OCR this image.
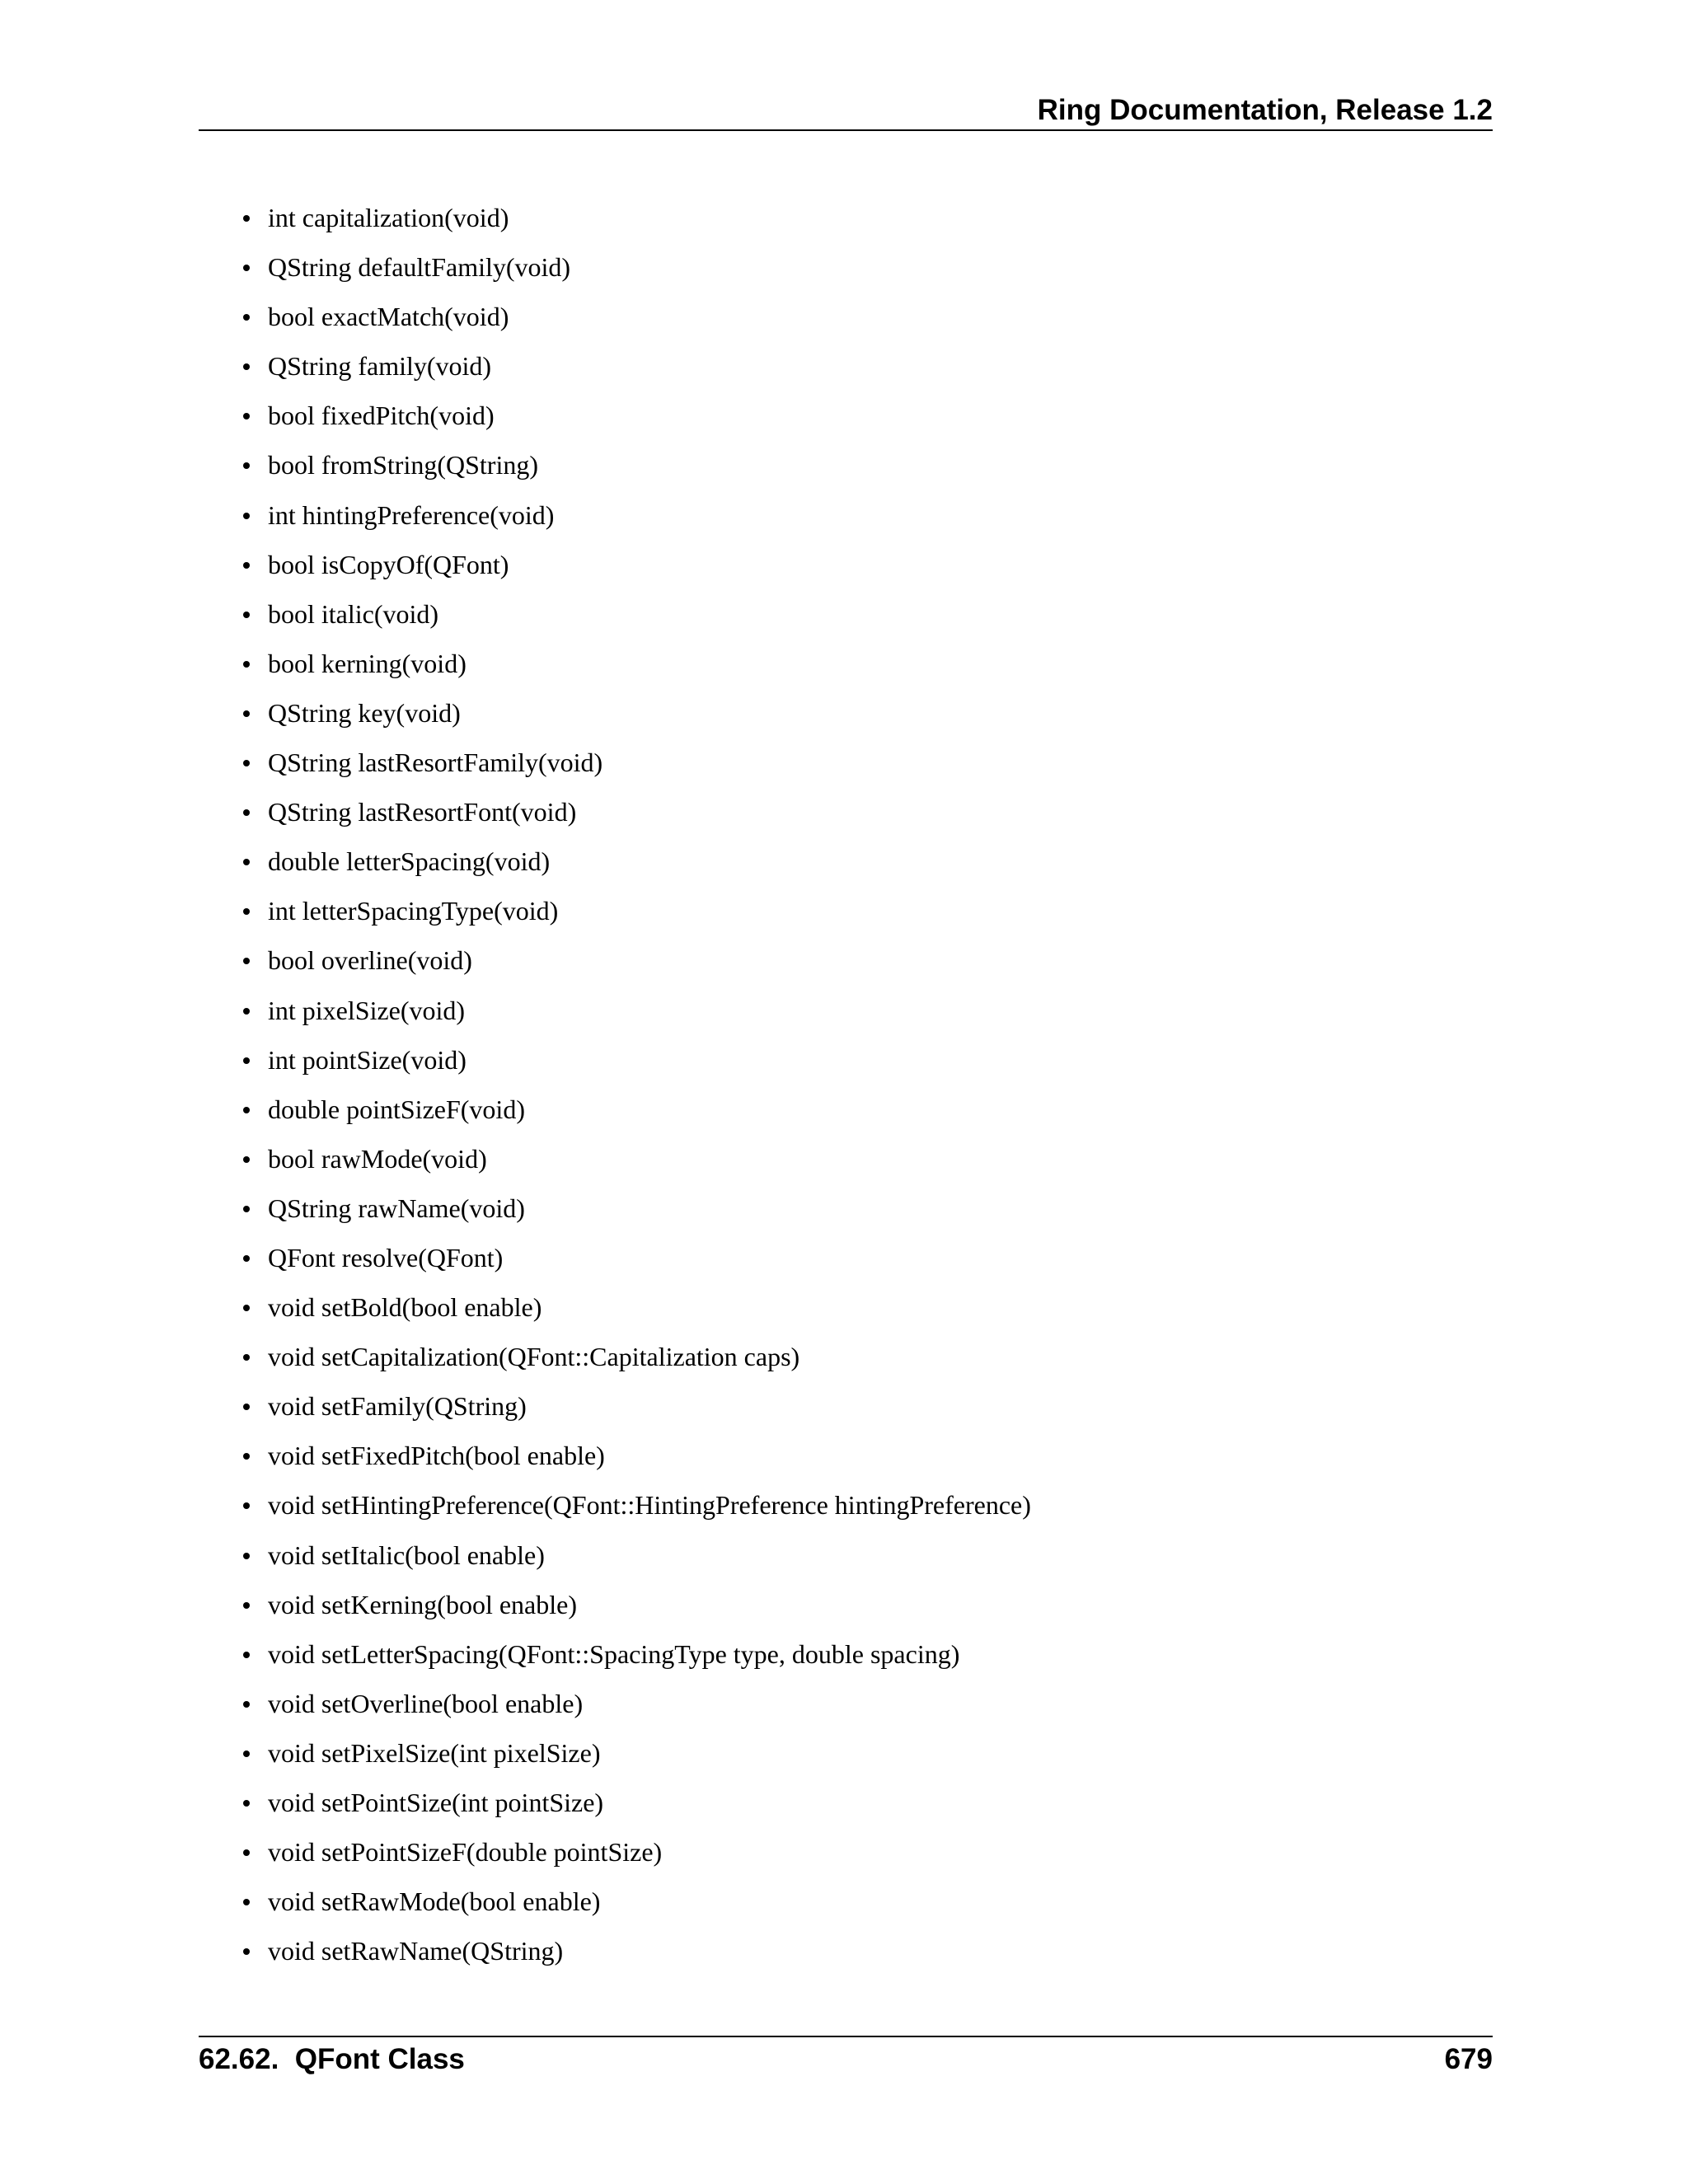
Ring Documentation, Release 1.2
int capitalization(void)
QString defaultFamily(void)
bool exactMatch(void)
QString family(void)
bool fixedPitch(void)
bool fromString(QString)
int hintingPreference(void)
bool isCopyOf(QFont)
bool italic(void)
bool kerning(void)
QString key(void)
QString lastResortFamily(void)
QString lastResortFont(void)
double letterSpacing(void)
int letterSpacingType(void)
bool overline(void)
int pixelSize(void)
int pointSize(void)
double pointSizeF(void)
bool rawMode(void)
QString rawName(void)
QFont resolve(QFont)
void setBold(bool enable)
void setCapitalization(QFont::Capitalization caps)
void setFamily(QString)
void setFixedPitch(bool enable)
void setHintingPreference(QFont::HintingPreference hintingPreference)
void setItalic(bool enable)
void setKerning(bool enable)
void setLetterSpacing(QFont::SpacingType type, double spacing)
void setOverline(bool enable)
void setPixelSize(int pixelSize)
void setPointSize(int pointSize)
void setPointSizeF(double pointSize)
void setRawMode(bool enable)
void setRawName(QString)
62.62.  QFont Class	679
